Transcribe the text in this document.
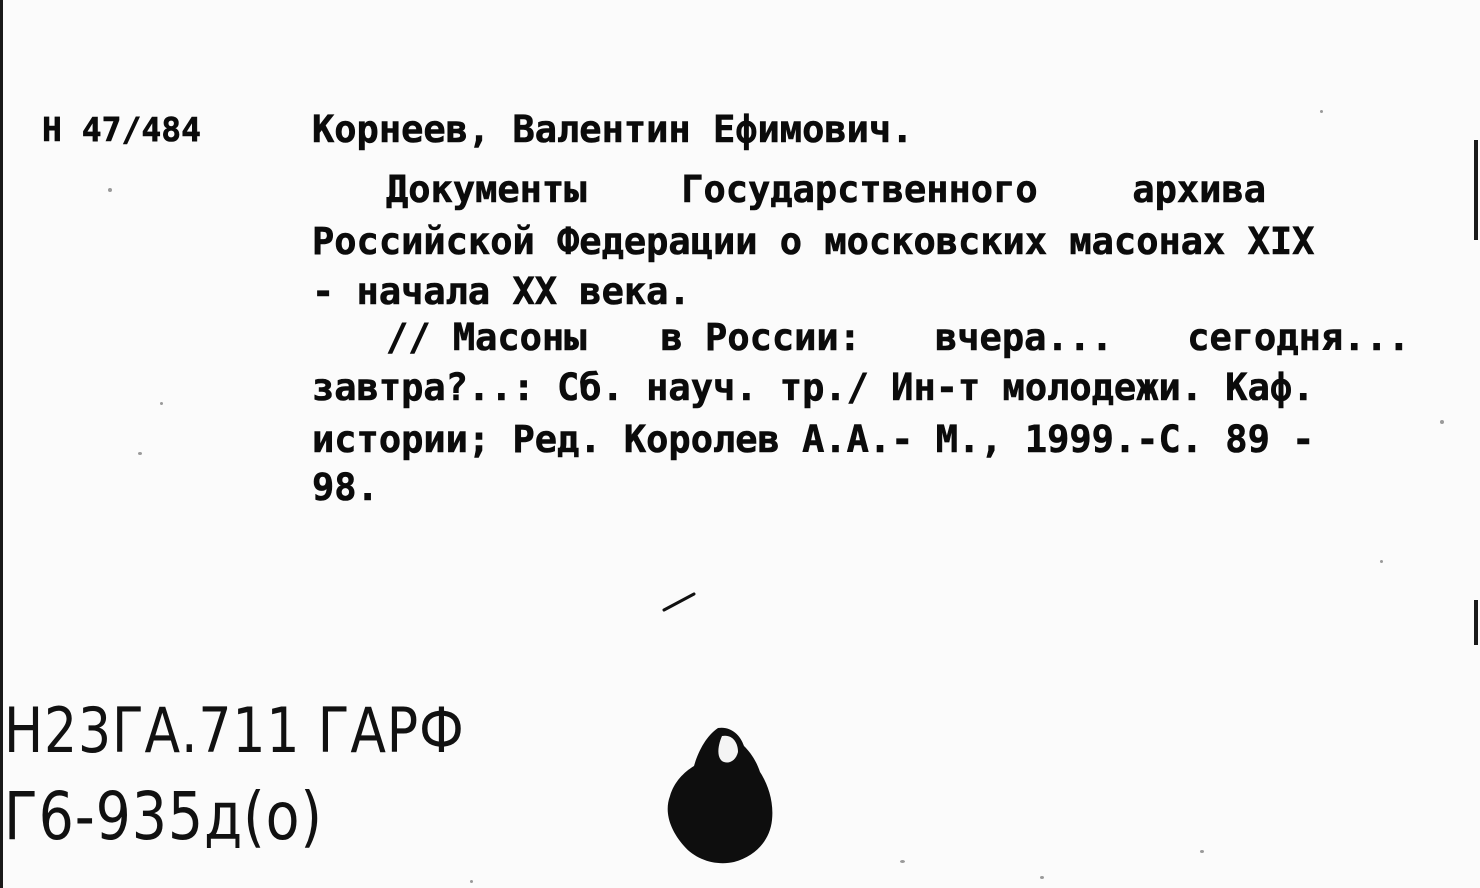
Н 47/484	Корнеев, Валентин Ефимович.
Документы	Государственного	архива
Российской Федерации о московских масонах XIX
- начала XX века.
// Масоны в России: вчера... сегодня...
завтра?..: Сб. науч. тр./ Ин-т молодежи. Каф.
истории; Ред. Королев А.А.- М., 1999.-С. 89 -
98.
Н23ГА.711 ГАРФ
Г6-935д(о)
